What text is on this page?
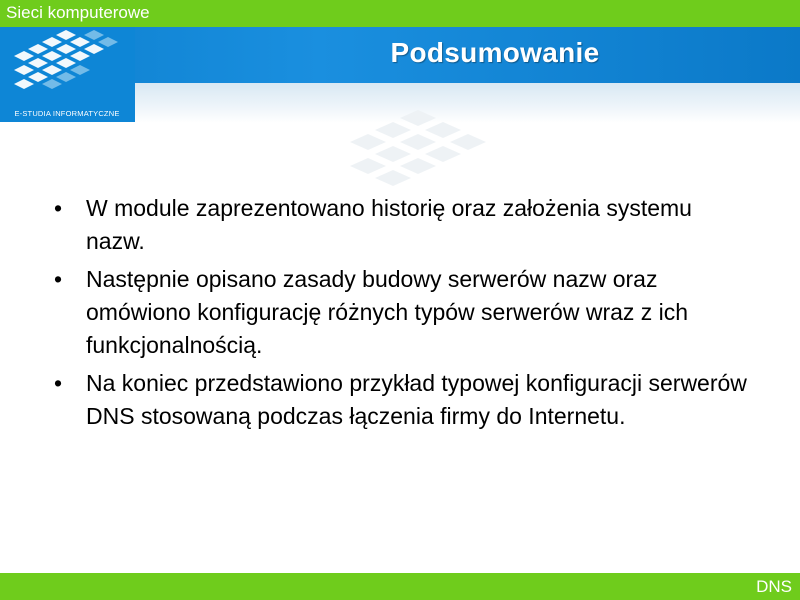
Sieci komputerowe
Podsumowanie
E-STUDIA INFORMATYCZNE
• W module zaprezentowano historię oraz założenia systemu nazw.
• Następnie opisano zasady budowy serwerów nazw oraz omówiono konfigurację różnych typów serwerów wraz z ich funkcjonalnością.
• Na koniec przedstawiono przykład typowej konfiguracji serwerów DNS stosowaną podczas łączenia firmy do Internetu.
DNS
